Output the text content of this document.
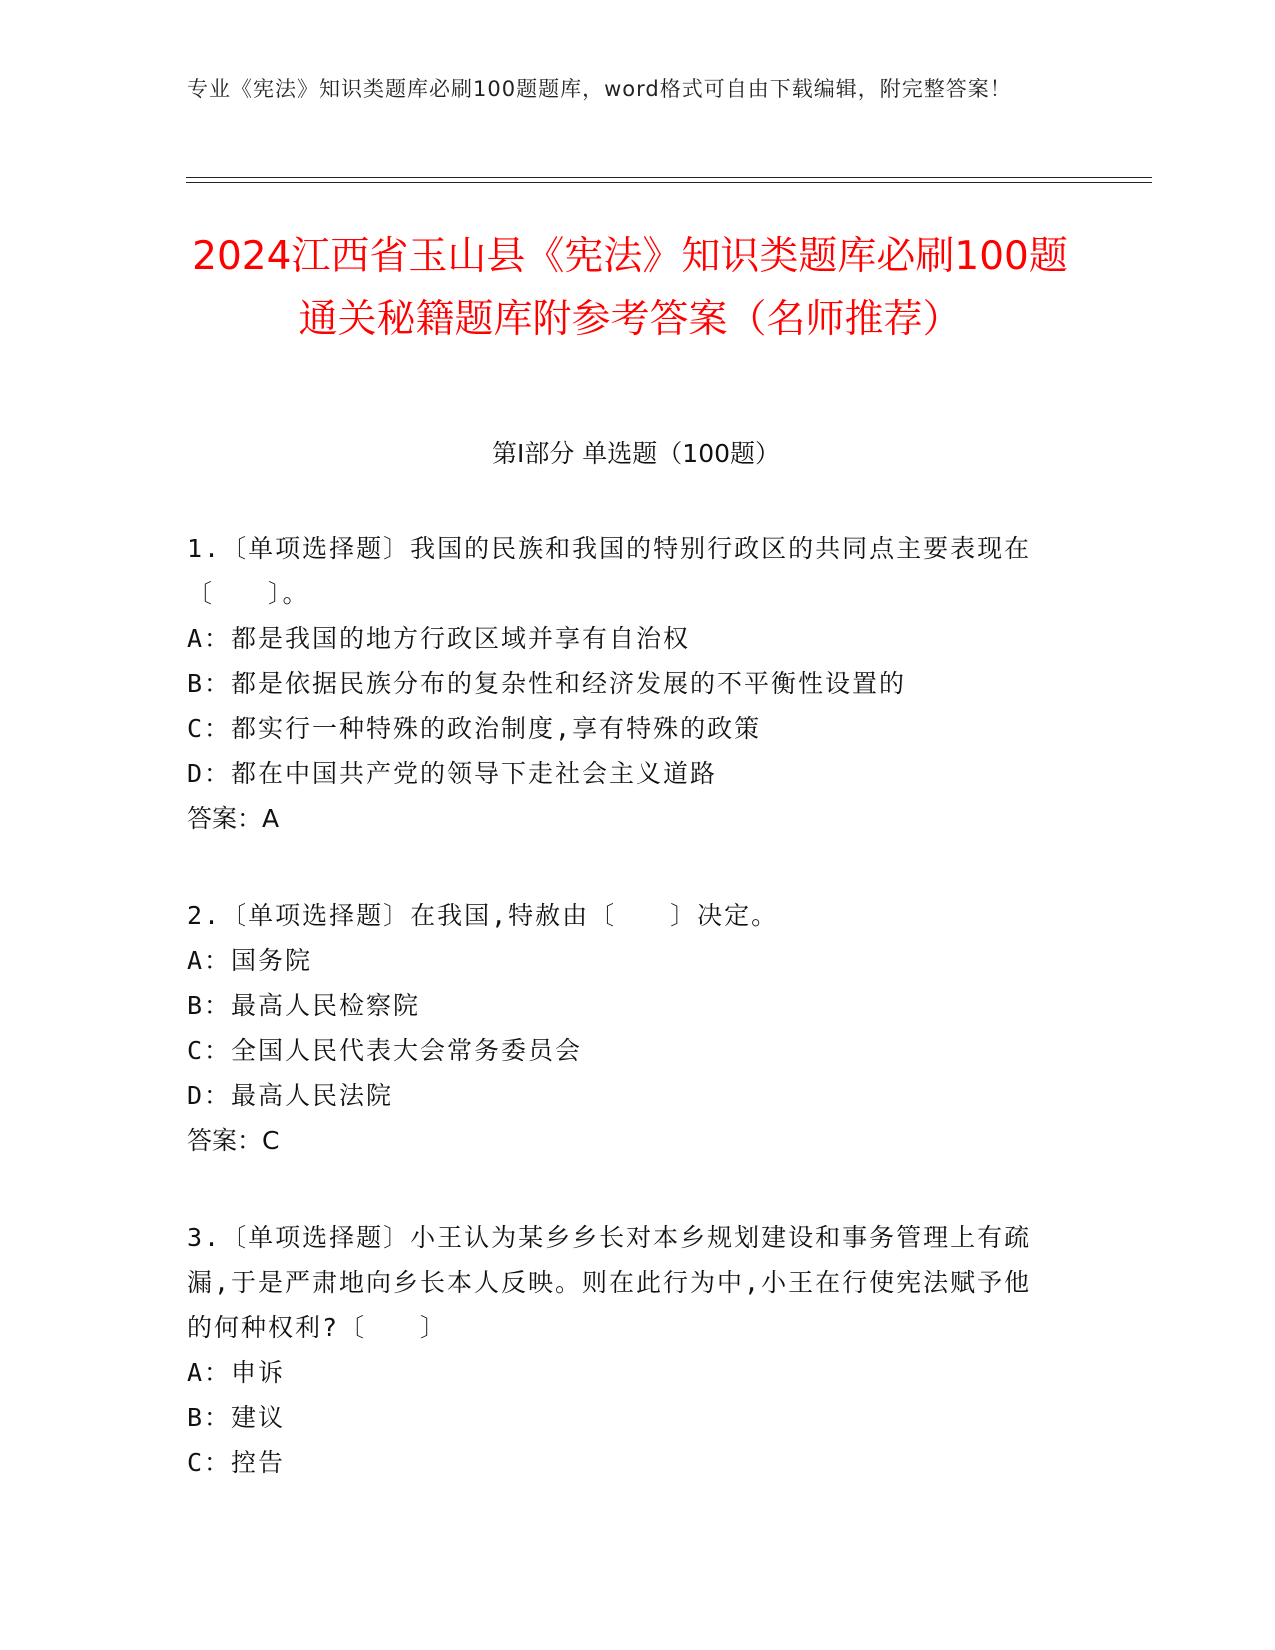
专业《宪法》知识类题库必刷100题题库，word格式可自由下载编辑，附完整答案！
2024江西省玉山县《宪法》知识类题库必刷100题通关秘籍题库附参考答案（名师推荐）
第I部分 单选题（100题）

1.〔单项选择题〕我国的民族和我国的特别行政区的共同点主要表现在〔　　〕。

A：都是我国的地方行政区域并享有自治权

B：都是依据民族分布的复杂性和经济发展的不平衡性设置的

C：都实行一种特殊的政治制度,享有特殊的政策

D：都在中国共产党的领导下走社会主义道路

答案：A

2.〔单项选择题〕在我国,特赦由〔　　〕决定。

A：国务院

B：最高人民检察院

C：全国人民代表大会常务委员会

D：最高人民法院

答案：C

3.〔单项选择题〕小王认为某乡乡长对本乡规划建设和事务管理上有疏漏,于是严肃地向乡长本人反映。则在此行为中,小王在行使宪法赋予他的何种权利?〔　　〕

A：申诉

B：建议

C：控告
